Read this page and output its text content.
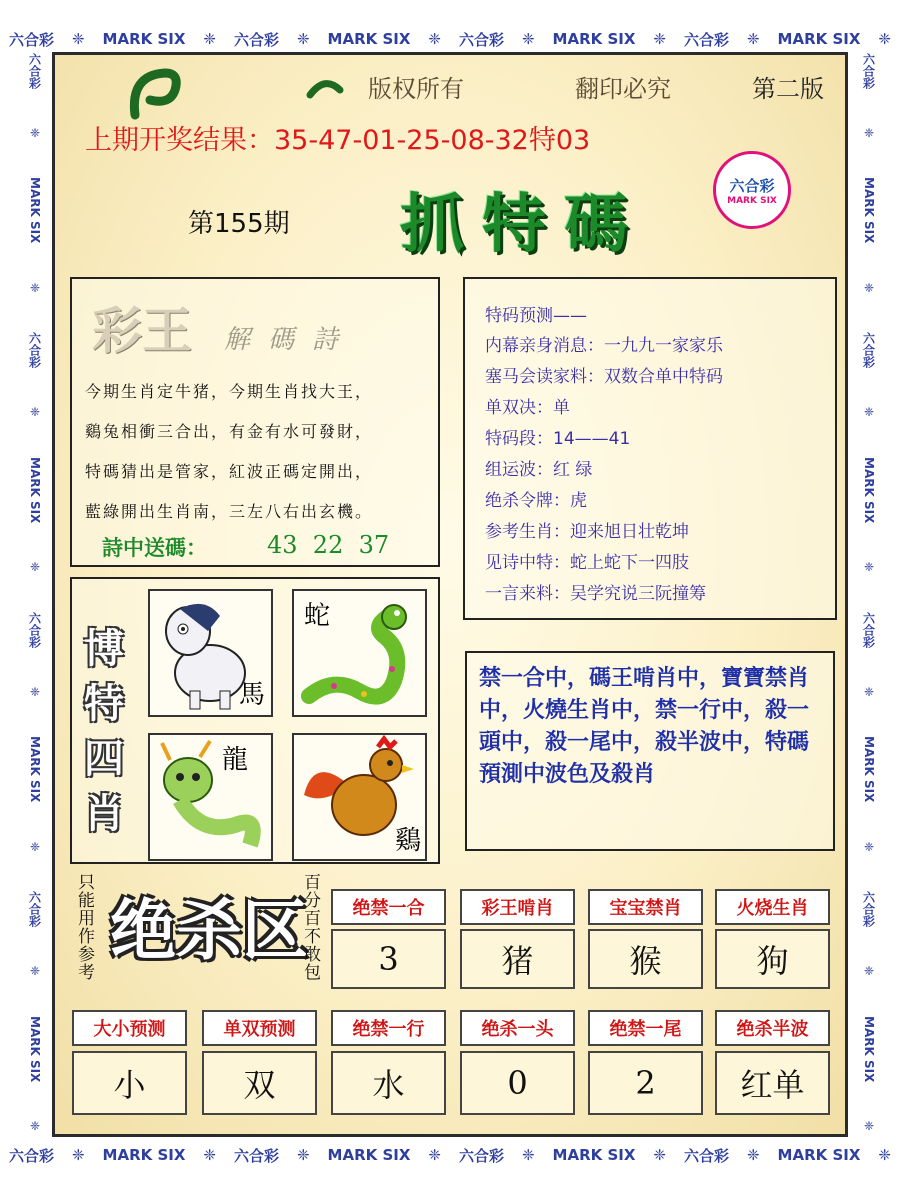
六合彩 ❈ MARK SIX ❈ 六合彩 ❈ MARK SIX ❈ 六合彩 ❈ MARK SIX ❈ 六合彩 ❈ MARK SIX ❈
六合彩 ❈ MARK SIX ❈ 六合彩 ❈ MARK SIX ❈ 六合彩 ❈ MARK SIX ❈ 六合彩 ❈ MARK SIX ❈
六合彩
❈
MARK SIX
❈
六合彩
❈
MARK SIX
❈
六合彩
❈
MARK SIX
❈
六合彩
❈
MARK SIX
❈
六合彩
❈
MARK SIX
❈
六合彩
❈
MARK SIX
❈
六合彩
❈
MARK SIX
❈
六合彩
❈
MARK SIX
❈
版权所有	翻印必究	第二版
上期开奖结果：35-47-01-25-08-32特03
第155期 抓特碼
六合彩
MARK SIX
彩王 解碼詩
今期生肖定牛猪，今期生肖找大王，
鷄兔相衝三合出，有金有水可發財，
特碼猜出是管家，紅波正碼定開出，
藍綠開出生肖南，三左八右出玄機。
詩中送碼：	43  22  37
特码预测——
内幕亲身消息：一九九一家家乐
塞马会读家料：双数合单中特码
单双决：单
特码段：14——41
组运波：红 绿
绝杀令牌：虎
参考生肖：迎来旭日壮乾坤
见诗中特：蛇上蛇下一四肢
一言来料：吴学究说三阮撞筹
博特四肖
馬
蛇
龍
鷄
禁一合中，碼王啃肖中，寶寶禁肖中，火燒生肖中，禁一行中，殺一頭中，殺一尾中，殺半波中，特碼預測中波色及殺肖
只能用作参考 绝杀区
百分百不敢包	绝禁一合	彩王啃肖	宝宝禁肖	火烧生肖
3	猪	猴	狗
大小预测	单双预测	绝禁一行	绝杀一头	绝禁一尾	绝杀半波
小	双	水	0	2	红单
